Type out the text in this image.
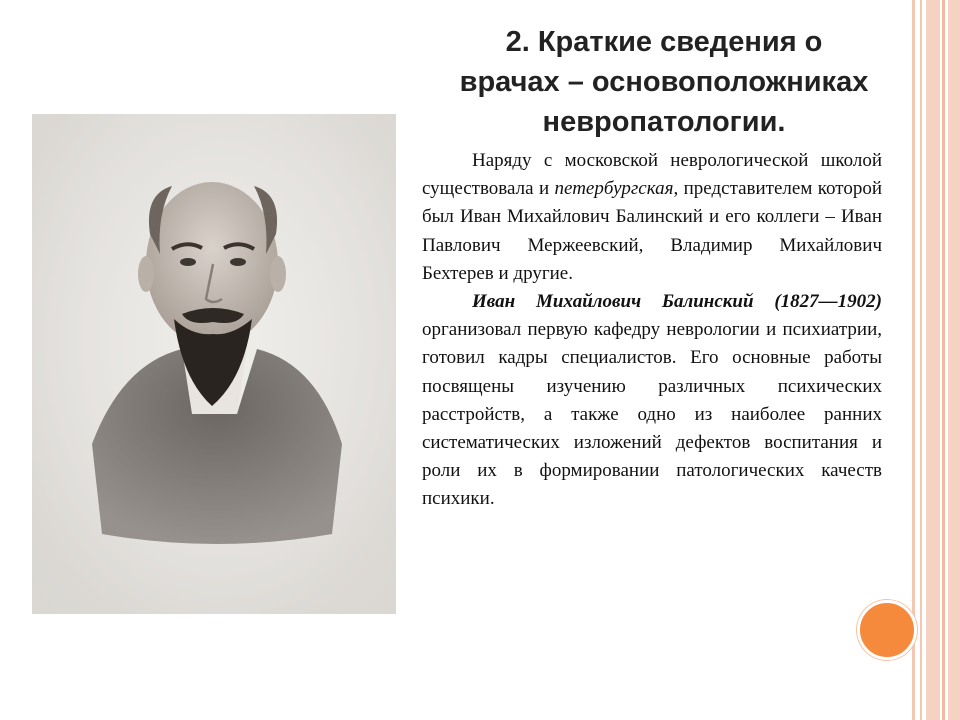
2. Краткие сведения о
врачах – основоположниках
невропатологии.

Наряду с московской неврологической школой существовала и петербургская, представителем которой был Иван Михайлович Балинский и его коллеги – Иван Павлович Мержеевский, Владимир Михайлович Бехтерев и другие.

Иван Михайлович Балинский (1827—1902) организовал первую кафедру неврологии и психиатрии, готовил кадры специалистов. Его основные работы посвящены изучению различных психических расстройств, а также одно из наиболее ранних систематических изложений дефектов воспитания и роли их в формировании патологических качеств психики.
